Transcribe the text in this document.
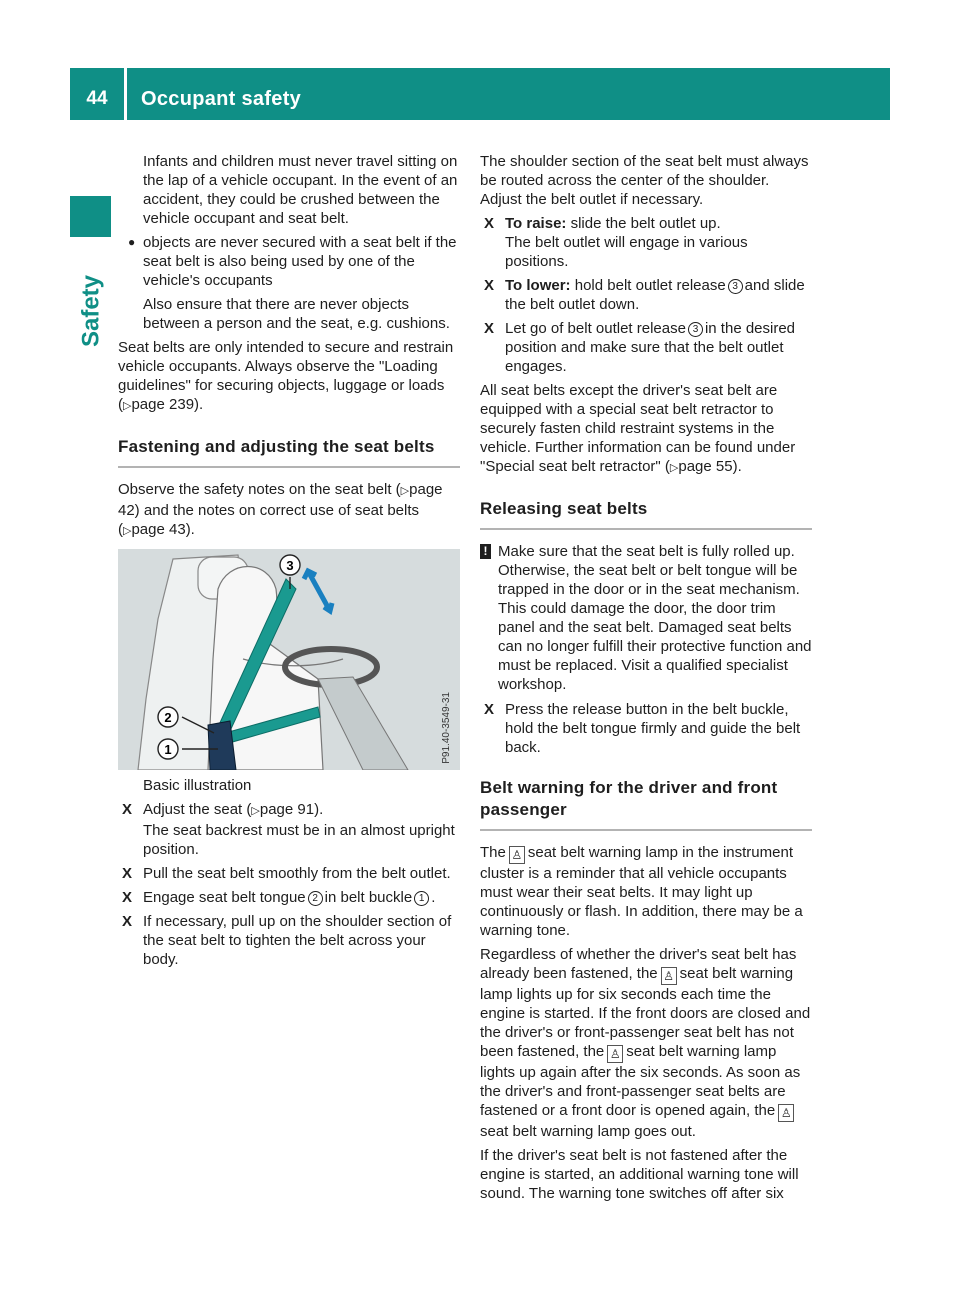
44	Occupant safety
Safety

Infants and children must never travel sitting on the lap of a vehicle occupant. In the event of an accident, they could be crushed between the vehicle occupant and seat belt.

● objects are never secured with a seat belt if the seat belt is also being used by one of the vehicle's occupants

Also ensure that there are never objects between a person and the seat, e.g. cushions.

Seat belts are only intended to secure and restrain vehicle occupants. Always observe the "Loading guidelines" for securing objects, luggage or loads (▷page 239).

Fastening and adjusting the seat belts

Observe the safety notes on the seat belt (▷page 42) and the notes on correct use of seat belts (▷page 43).

1
2
3
P91.40-3549-31

Basic illustration

X Adjust the seat (▷page 91).
The seat backrest must be in an almost upright position.
X Pull the seat belt smoothly from the belt outlet.
X Engage seat belt tongue 2 in belt buckle 1 .
X If necessary, pull up on the shoulder section of the seat belt to tighten the belt across your body.

The shoulder section of the seat belt must always be routed across the center of the shoulder. Adjust the belt outlet if necessary.

X To raise: slide the belt outlet up.
The belt outlet will engage in various positions.
X To lower: hold belt outlet release 3 and slide the belt outlet down.
X Let go of belt outlet release 3 in the desired position and make sure that the belt outlet engages.

All seat belts except the driver's seat belt are equipped with a special seat belt retractor to securely fasten child restraint systems in the vehicle. Further information can be found under "Special seat belt retractor" (▷page 55).

Releasing seat belts
! Make sure that the seat belt is fully rolled up. Otherwise, the seat belt or belt tongue will be trapped in the door or in the seat mechanism. This could damage the door, the door trim panel and the seat belt. Damaged seat belts can no longer fulfill their protective function and must be replaced. Visit a qualified specialist workshop.
X Press the release button in the belt buckle, hold the belt tongue firmly and guide the belt back.
Belt warning for the driver and front passenger

The ♙ seat belt warning lamp in the instrument cluster is a reminder that all vehicle occupants must wear their seat belts. It may light up continuously or flash. In addition, there may be a warning tone.

Regardless of whether the driver's seat belt has already been fastened, the ♙ seat belt warning lamp lights up for six seconds each time the engine is started. If the front doors are closed and the driver's or front-passenger seat belt has not been fastened, the ♙ seat belt warning lamp lights up again after the six seconds. As soon as the driver's and front-passenger seat belts are fastened or a front door is opened again, the ♙seat belt warning lamp goes out.

If the driver's seat belt is not fastened after the engine is started, an additional warning tone will sound. The warning tone switches off after six
